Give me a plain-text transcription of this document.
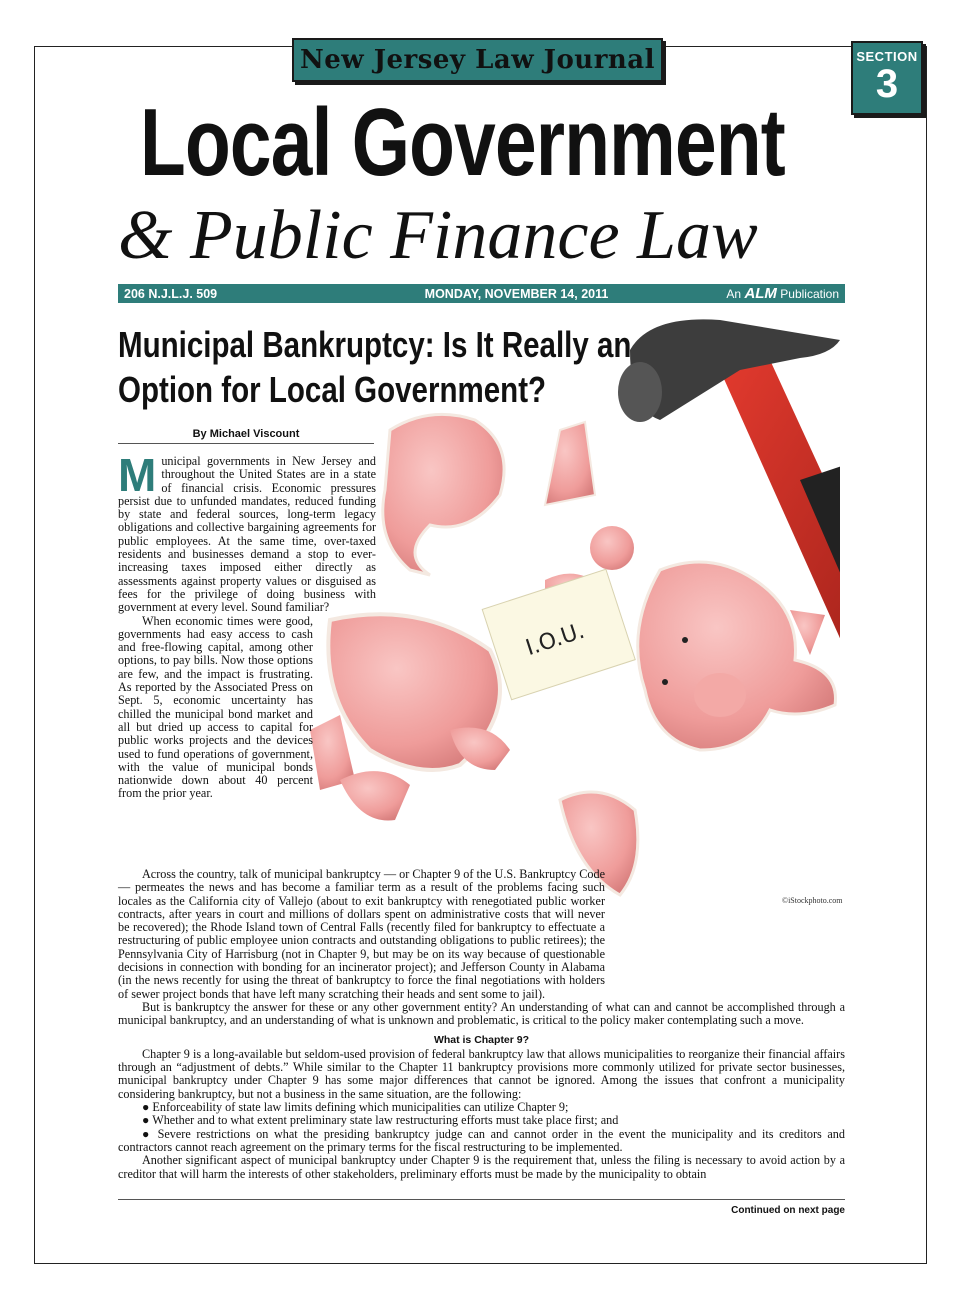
New Jersey Law Journal	SECTION
3
Local Government
& Public Finance Law
206 N.J.L.J. 509	MONDAY, NOVEMBER 14, 2011	An ALM Publication
I.O.U.
©iStockphoto.com
Municipal Bankruptcy: Is It Really an
Option for Local Government?
By Michael Viscount

Municipal governments in New Jersey and throughout the United States are in a state of financial crisis. Economic pressures persist due to unfunded mandates, reduced funding by state and federal sources, long-term legacy obligations and collective bargaining agreements for public employees. At the same time, over-taxed residents and businesses demand a stop to ever-increasing taxes imposed either directly as assessments against property values or disguised as fees for the privilege of doing business with government at every level. Sound familiar?

When economic times were good, governments had easy access to cash and free-flowing capital, among other options, to pay bills. Now those options are few, and the impact is frustrating. As reported by the Associated Press on Sept. 5, economic uncertainty has chilled the municipal bond market and all but dried up access to capital for public works projects and the devices used to fund operations of government, with the value of municipal bonds nationwide down about 40 percent from the prior year.

Across the country, talk of municipal bankruptcy — or Chapter 9 of the U.S. Bankruptcy Code — permeates the news and has become a familiar term as a result of the problems facing such locales as the California city of Vallejo (about to exit bankruptcy with renegotiated public worker contracts, after years in court and millions of dollars spent on administrative costs that will never be recovered); the Rhode Island town of Central Falls (recently filed for bankruptcy to effectuate a restructuring of public employee union contracts and outstanding obligations to public retirees); the Pennsylvania City of Harrisburg (not in Chapter 9, but may be on its way because of questionable decisions in connection with bonding for an incinerator project); and Jefferson County in Alabama (in the news recently for using the threat of bankruptcy to force the final negotiations with holders of sewer project bonds that have left many scratching their heads and sent some to jail).

But is bankruptcy the answer for these or any other government entity? An understanding of what can and cannot be accomplished through a municipal bankruptcy, and an understanding of what is unknown and problematic, is critical to the policy maker contemplating such a move.

What is Chapter 9?

Chapter 9 is a long-available but seldom-used provision of federal bankruptcy law that allows municipalities to reorganize their financial affairs through an “adjustment of debts.” While similar to the Chapter 11 bankruptcy provisions more commonly utilized for private sector businesses, municipal bankruptcy under Chapter 9 has some major differences that cannot be ignored. Among the issues that confront a municipality considering bankruptcy, but not a business in the same situation, are the following:

● Enforceability of state law limits defining which municipalities can utilize Chapter 9;

● Whether and to what extent preliminary state law restructuring efforts must take place first; and

● Severe restrictions on what the presiding bankruptcy judge can and cannot order in the event the municipality and its creditors and contractors cannot reach agreement on the primary terms for the fiscal restructuring to be implemented.

Another significant aspect of municipal bankruptcy under Chapter 9 is the requirement that, unless the filing is necessary to avoid action by a creditor that will harm the interests of other stakeholders, preliminary efforts must be made by the municipality to obtain

Continued on next page
